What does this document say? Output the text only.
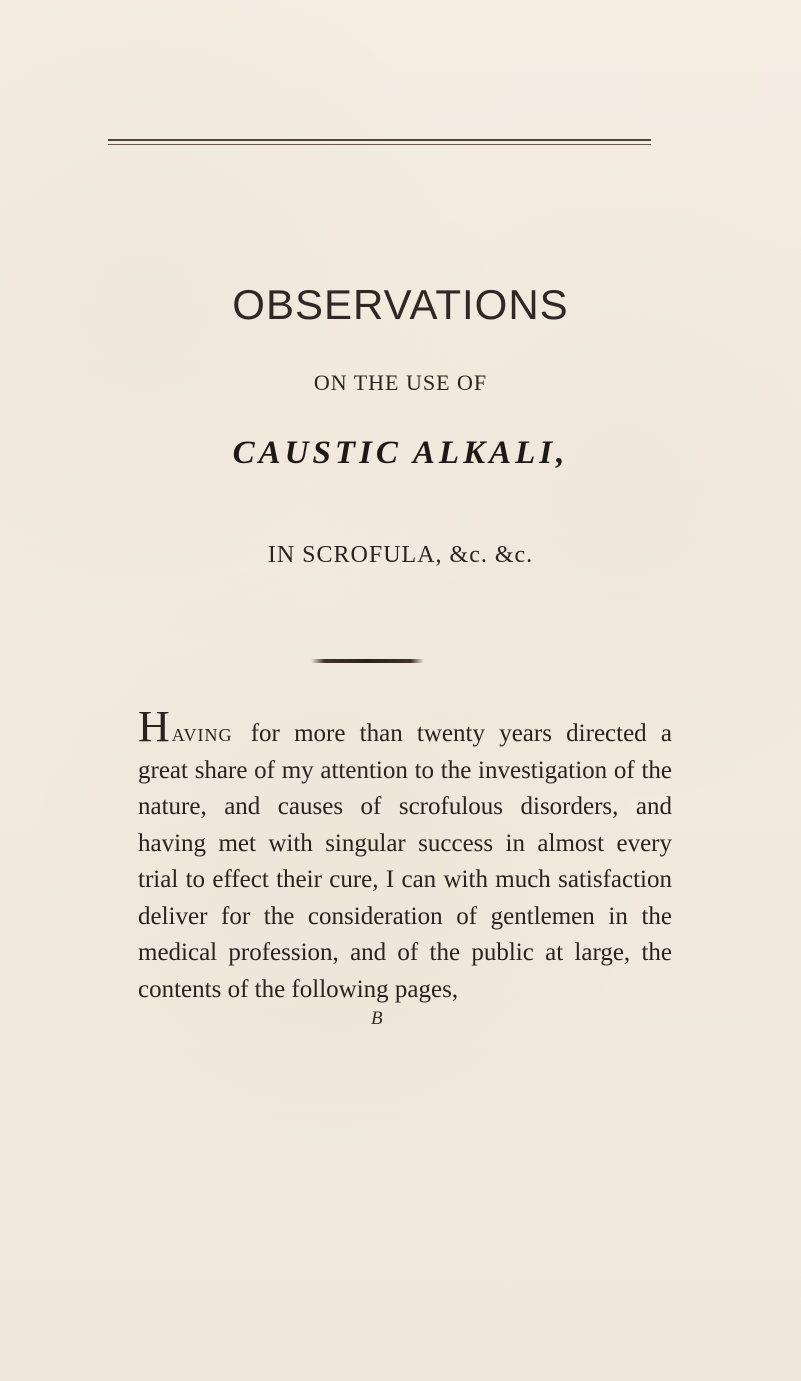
OBSERVATIONS
ON THE USE OF
CAUSTIC ALKALI,
IN SCROFULA, &c. &c.
Having for more than twenty years directed a great share of my attention to the investigation of the nature, and causes of scrofulous disorders, and having met with singular success in almost every trial to effect their cure, I can with much satisfaction deliver for the consideration of gentlemen in the medical profession, and of the public at large, the contents of the following pages,
B
